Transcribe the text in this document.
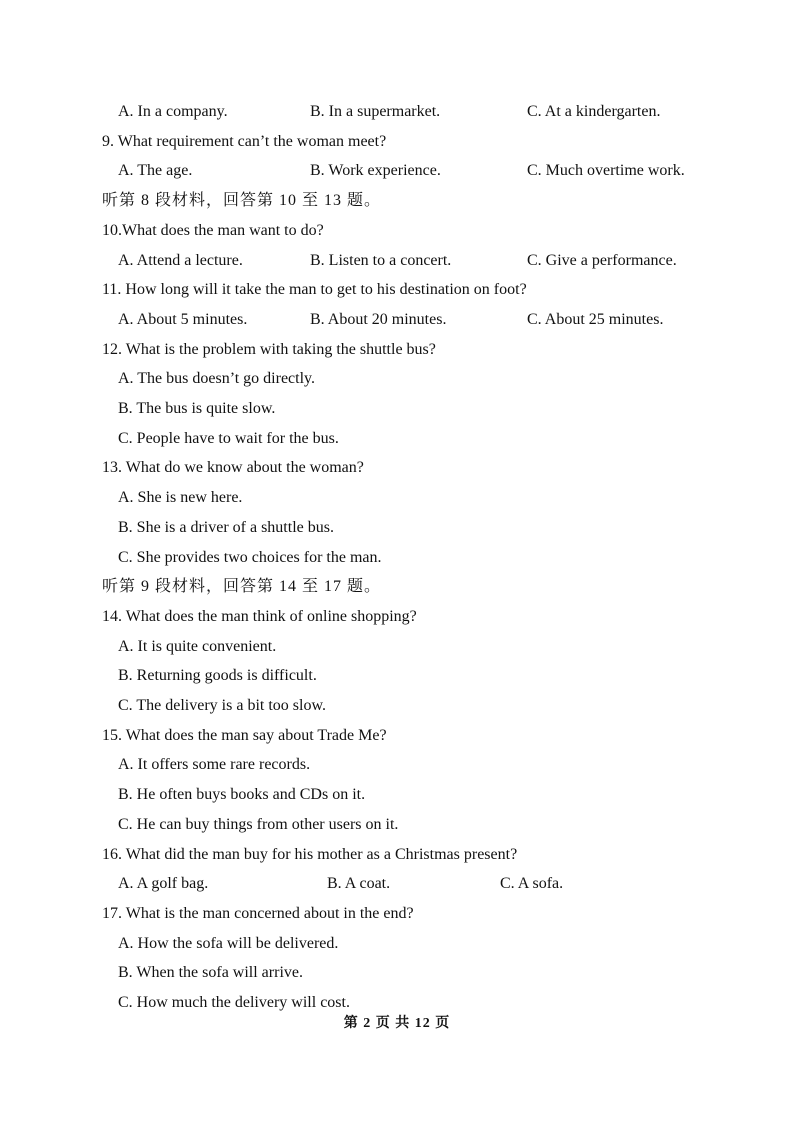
A. In a company.	B. In a supermarket.	C. At a kindergarten.
9. What requirement can’t the woman meet?
A. The age.	B. Work experience.	C. Much overtime work.
听第 8 段材料，回答第 10 至 13 题。
10.What does the man want to do?
A. Attend a lecture.	B. Listen to a concert.	C. Give a performance.
11. How long will it take the man to get to his destination on foot?
A. About 5 minutes.	B. About 20 minutes.	C. About 25 minutes.
12. What is the problem with taking the shuttle bus?
A. The bus doesn’t go directly.
B. The bus is quite slow.
C. People have to wait for the bus.
13. What do we know about the woman?
A. She is new here.
B. She is a driver of a shuttle bus.
C. She provides two choices for the man.
听第 9 段材料，回答第 14 至 17 题。
14. What does the man think of online shopping?
A. It is quite convenient.
B. Returning goods is difficult.
C. The delivery is a bit too slow.
15. What does the man say about Trade Me?
A. It offers some rare records.
B. He often buys books and CDs on it.
C. He can buy things from other users on it.
16. What did the man buy for his mother as a Christmas present?
A. A golf bag.	B. A coat.	C. A sofa.
17. What is the man concerned about in the end?
A. How the sofa will be delivered.
B. When the sofa will arrive.
C. How much the delivery will cost.
第 2 页 共 12 页
